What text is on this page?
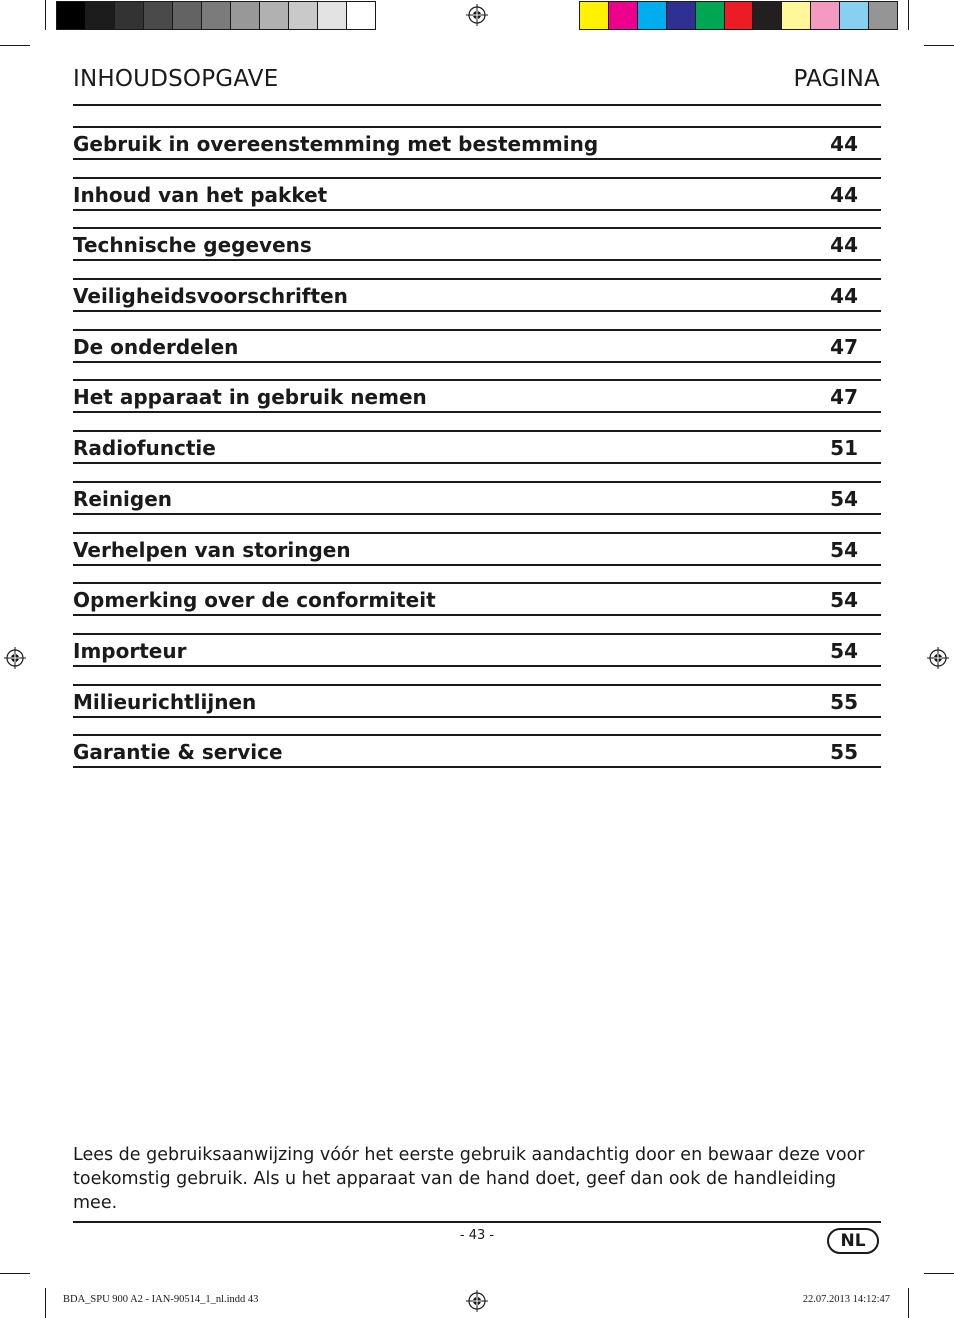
INHOUDSOPGAVE	PAGINA
Gebruik in overeenstemming met bestemming	44
Inhoud van het pakket	44
Technische gegevens	44
Veiligheidsvoorschriften	44
De onderdelen	47
Het apparaat in gebruik nemen	47
Radiofunctie	51
Reinigen	54
Verhelpen van storingen	54
Opmerking over de conformiteit	54
Importeur	54
Milieurichtlijnen	55
Garantie & service	55
Lees de gebruiksaanwijzing vóór het eerste gebruik aandachtig door en bewaar deze voor toekomstig gebruik. Als u het apparaat van de hand doet, geef dan ook de handleiding mee.
- 43 -	NL
BDA_SPU 900 A2 - IAN-90514_1_nl.indd 43	22.07.2013 14:12:47
